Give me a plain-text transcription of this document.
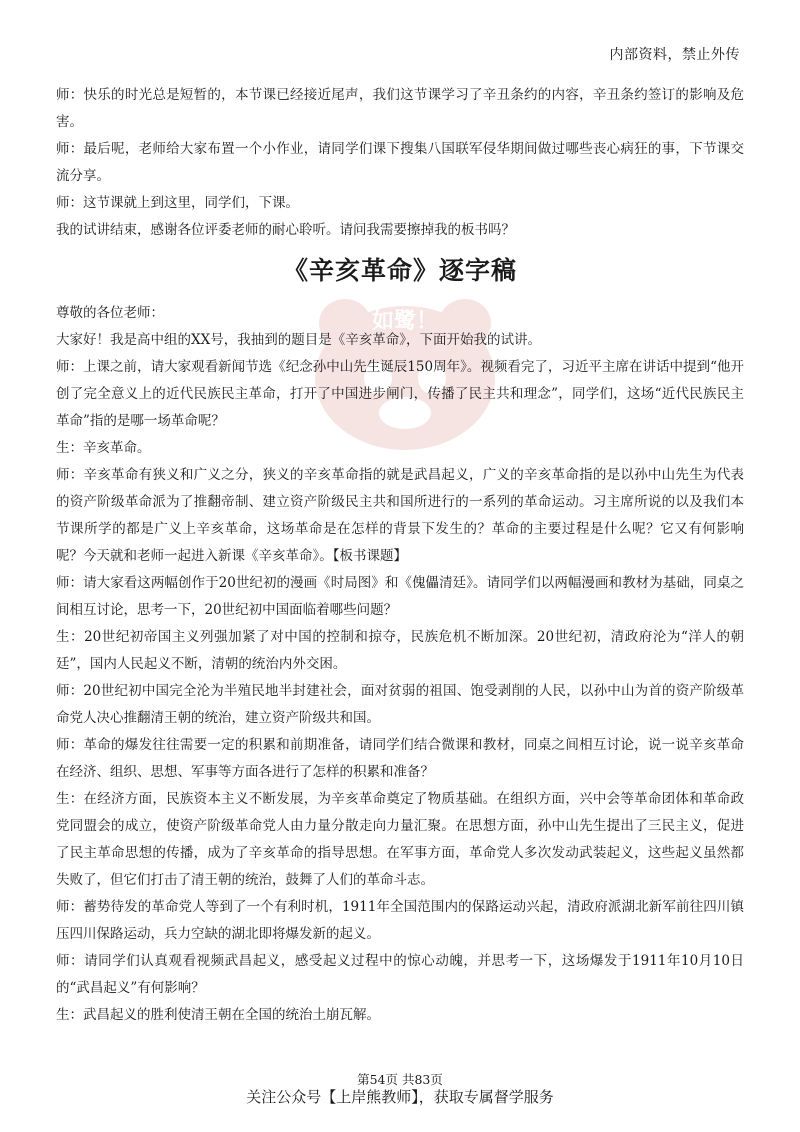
内部资料，禁止外传
如鹭！

师：快乐的时光总是短暂的，本节课已经接近尾声，我们这节课学习了辛丑条约的内容，辛丑条约签订的影响及危害。

师：最后呢，老师给大家布置一个小作业，请同学们课下搜集八国联军侵华期间做过哪些丧心病狂的事，下节课交流分享。

师：这节课就上到这里，同学们，下课。

我的试讲结束，感谢各位评委老师的耐心聆听。请问我需要擦掉我的板书吗？

《辛亥革命》逐字稿

尊敬的各位老师：

大家好！我是高中组的XX号，我抽到的题目是《辛亥革命》，下面开始我的试讲。

师：上课之前，请大家观看新闻节选《纪念孙中山先生诞辰150周年》。视频看完了，习近平主席在讲话中提到“他开创了完全意义上的近代民族民主革命，打开了中国进步闸门，传播了民主共和理念”，同学们，这场“近代民族民主革命”指的是哪一场革命呢？

生：辛亥革命。

师：辛亥革命有狭义和广义之分，狭义的辛亥革命指的就是武昌起义，广义的辛亥革命指的是以孙中山先生为代表的资产阶级革命派为了推翻帝制、建立资产阶级民主共和国所进行的一系列的革命运动。习主席所说的以及我们本节课所学的都是广义上辛亥革命，这场革命是在怎样的背景下发生的？革命的主要过程是什么呢？它又有何影响呢？今天就和老师一起进入新课《辛亥革命》。【板书课题】

师：请大家看这两幅创作于20世纪初的漫画《时局图》和《傀儡清廷》。请同学们以两幅漫画和教材为基础，同桌之间相互讨论，思考一下，20世纪初中国面临着哪些问题？

生：20世纪初帝国主义列强加紧了对中国的控制和掠夺，民族危机不断加深。20世纪初，清政府沦为“洋人的朝廷”，国内人民起义不断，清朝的统治内外交困。

师：20世纪初中国完全沦为半殖民地半封建社会，面对贫弱的祖国、饱受剥削的人民，以孙中山为首的资产阶级革命党人决心推翻清王朝的统治，建立资产阶级共和国。

师：革命的爆发往往需要一定的积累和前期准备，请同学们结合微课和教材，同桌之间相互讨论，说一说辛亥革命在经济、组织、思想、军事等方面各进行了怎样的积累和准备？

生：在经济方面，民族资本主义不断发展，为辛亥革命奠定了物质基础。在组织方面，兴中会等革命团体和革命政党同盟会的成立，使资产阶级革命党人由力量分散走向力量汇聚。在思想方面，孙中山先生提出了三民主义，促进了民主革命思想的传播，成为了辛亥革命的指导思想。在军事方面，革命党人多次发动武装起义，这些起义虽然都失败了，但它们打击了清王朝的统治，鼓舞了人们的革命斗志。

师：蓄势待发的革命党人等到了一个有利时机，1911年全国范围内的保路运动兴起，清政府派湖北新军前往四川镇压四川保路运动，兵力空缺的湖北即将爆发新的起义。

师：请同学们认真观看视频武昌起义，感受起义过程中的惊心动魄，并思考一下，这场爆发于1911年10月10日的“武昌起义”有何影响？

生：武昌起义的胜利使清王朝在全国的统治土崩瓦解。

第54页 共83页
关注公众号【上岸熊教师】，获取专属督学服务
